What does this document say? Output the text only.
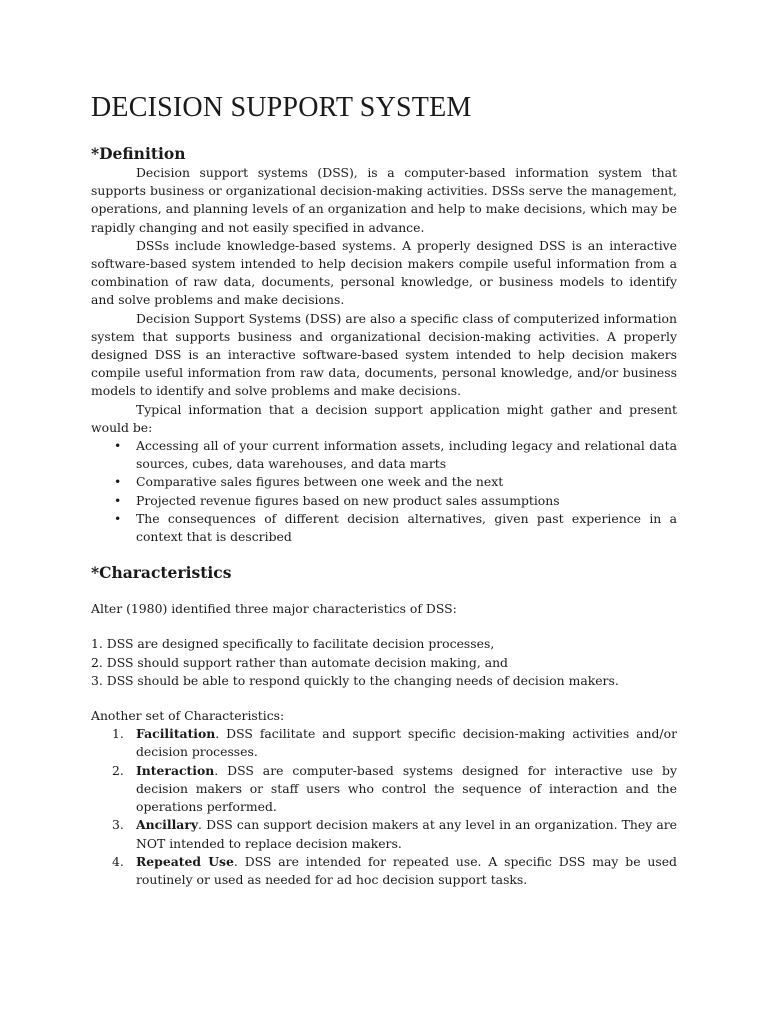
DECISION SUPPORT SYSTEM
*Definition

Decision support systems (DSS), is a computer-based information system that supports business or organizational decision-making activities. DSSs serve the management, operations, and planning levels of an organization and help to make decisions, which may be rapidly changing and not easily specified in advance.

DSSs include knowledge-based systems. A properly designed DSS is an interactive software-based system intended to help decision makers compile useful information from a combination of raw data, documents, personal knowledge, or business models to identify and solve problems and make decisions.

Decision Support Systems (DSS) are also a specific class of computerized information system that supports business and organizational decision-making activities. A properly designed DSS is an interactive software-based system intended to help decision makers compile useful information from raw data, documents, personal knowledge, and/or business models to identify and solve problems and make decisions.

Typical information that a decision support application might gather and present would be:

• Accessing all of your current information assets, including legacy and relational data sources, cubes, data warehouses, and data marts
• Comparative sales figures between one week and the next
• Projected revenue figures based on new product sales assumptions
• The consequences of different decision alternatives, given past experience in a context that is described
*Characteristics

Alter (1980) identified three major characteristics of DSS:

1. DSS are designed specifically to facilitate decision processes,
2. DSS should support rather than automate decision making, and
3. DSS should be able to respond quickly to the changing needs of decision makers.

Another set of Characteristics:

1. Facilitation. DSS facilitate and support specific decision-making activities and/or decision processes.
2. Interaction. DSS are computer-based systems designed for interactive use by decision makers or staff users who control the sequence of interaction and the operations performed.
3. Ancillary. DSS can support decision makers at any level in an organization. They are NOT intended to replace decision makers.
4. Repeated Use. DSS are intended for repeated use. A specific DSS may be used routinely or used as needed for ad hoc decision support tasks.
